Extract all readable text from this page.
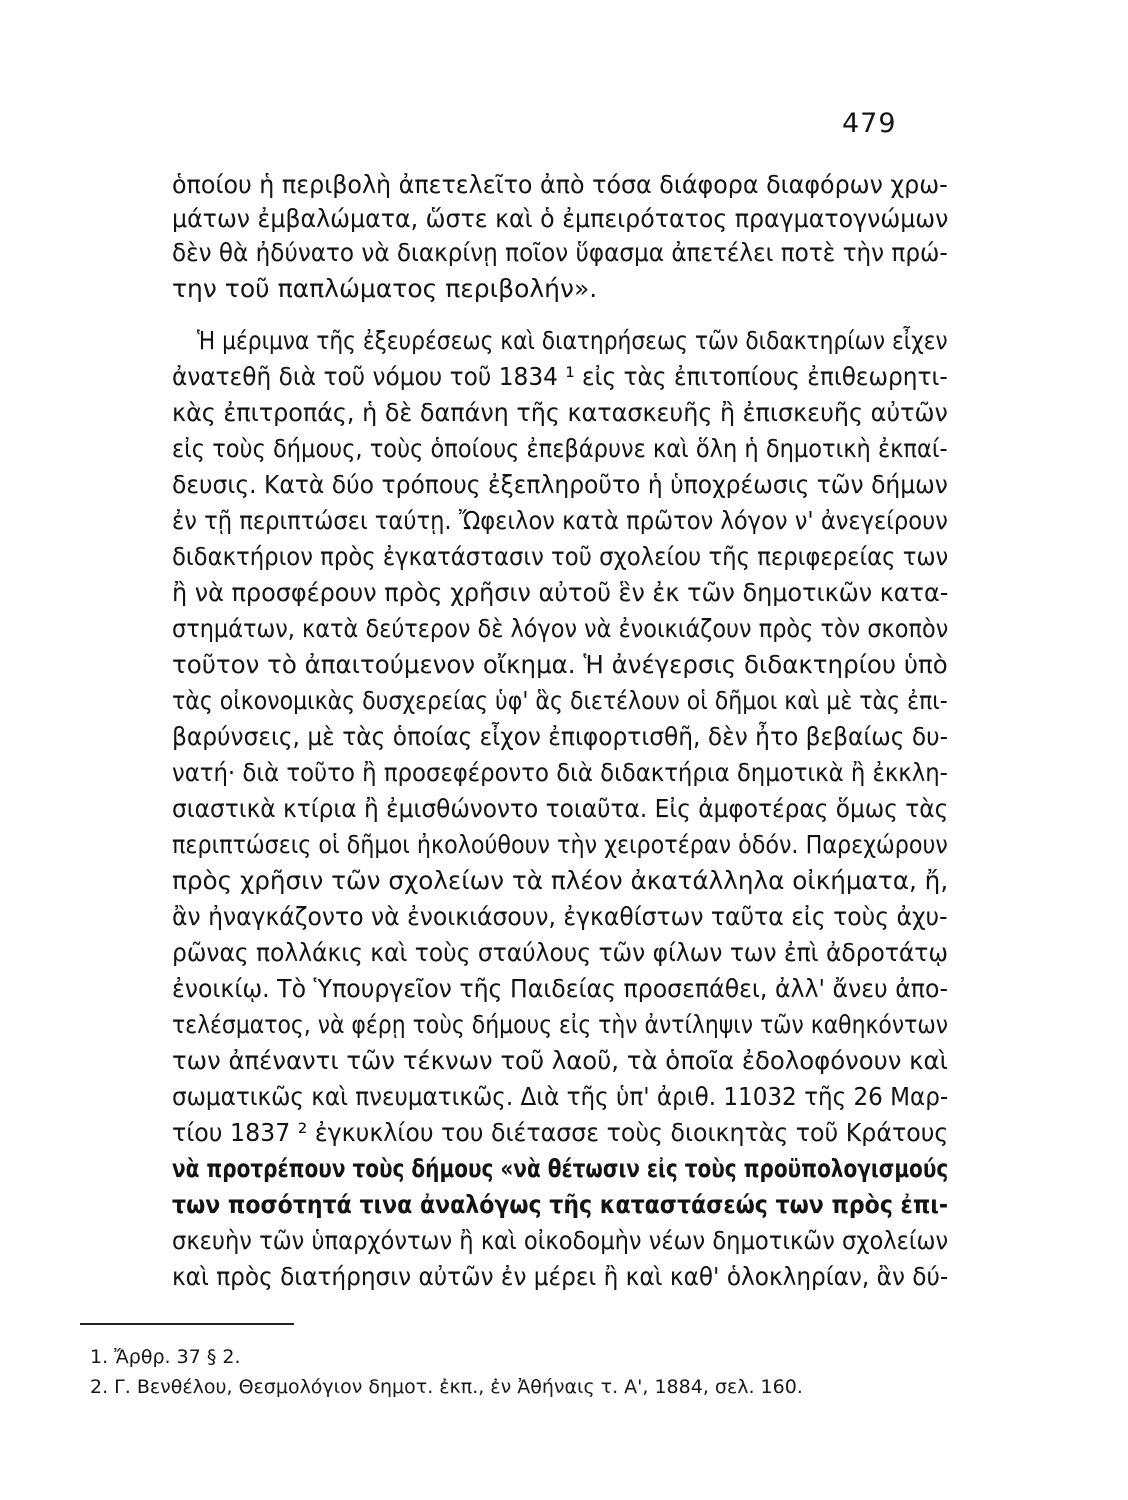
479
ὁποίου ἡ περιβολὴ ἀπετελεῖτο ἀπὸ τόσα διάφορα διαφόρων χρω-
μάτων ἐμβαλώματα, ὥστε καὶ ὁ ἐμπειρότατος πραγματογνώμων
δὲν θὰ ἠδύνατο νὰ διακρίνῃ ποῖον ὕφασμα ἀπετέλει ποτὲ τὴν πρώ-
την τοῦ παπλώματος περιβολήν».
Ἡ μέριμνα τῆς ἐξευρέσεως καὶ διατηρήσεως τῶν διδακτηρίων εἶχεν
ἀνατεθῆ διὰ τοῦ νόμου τοῦ 1834 ¹ εἰς τὰς ἐπιτοπίους ἐπιθεωρητι-
κὰς ἐπιτροπάς, ἡ δὲ δαπάνη τῆς κατασκευῆς ἢ ἐπισκευῆς αὐτῶν
εἰς τοὺς δήμους, τοὺς ὁποίους ἐπεβάρυνε καὶ ὅλη ἡ δημοτικὴ ἐκπαί-
δευσις. Κατὰ δύο τρόπους ἐξεπληροῦτο ἡ ὑποχρέωσις τῶν δήμων
ἐν τῇ περιπτώσει ταύτῃ. Ὤφειλον κατὰ πρῶτον λόγον ν' ἀνεγείρουν
διδακτήριον πρὸς ἐγκατάστασιν τοῦ σχολείου τῆς περιφερείας των
ἢ νὰ προσφέρουν πρὸς χρῆσιν αὐτοῦ ἓν ἐκ τῶν δημοτικῶν κατα-
στημάτων, κατὰ δεύτερον δὲ λόγον νὰ ἐνοικιάζουν πρὸς τὸν σκοπὸν
τοῦτον τὸ ἀπαιτούμενον οἴκημα. Ἡ ἀνέγερσις διδακτηρίου ὑπὸ
τὰς οἰκονομικὰς δυσχερείας ὑφ' ἃς διετέλουν οἱ δῆμοι καὶ μὲ τὰς ἐπι-
βαρύνσεις, μὲ τὰς ὁποίας εἶχον ἐπιφορτισθῆ, δὲν ἦτο βεβαίως δυ-
νατή· διὰ τοῦτο ἢ προσεφέροντο διὰ διδακτήρια δημοτικὰ ἢ ἐκκλη-
σιαστικὰ κτίρια ἢ ἐμισθώνοντο τοιαῦτα. Εἰς ἀμφοτέρας ὅμως τὰς
περιπτώσεις οἱ δῆμοι ἠκολούθουν τὴν χειροτέραν ὁδόν. Παρεχώρουν
πρὸς χρῆσιν τῶν σχολείων τὰ πλέον ἀκατάλληλα οἰκήματα, ἤ,
ἂν ἠναγκάζοντο νὰ ἐνοικιάσουν, ἐγκαθίστων ταῦτα εἰς τοὺς ἀχυ-
ρῶνας πολλάκις καὶ τοὺς σταύλους τῶν φίλων των ἐπὶ ἀδροτάτῳ
ἐνοικίῳ. Τὸ Ὑπουργεῖον τῆς Παιδείας προσεπάθει, ἀλλ' ἄνευ ἀπο-
τελέσματος, νὰ φέρῃ τοὺς δήμους εἰς τὴν ἀντίληψιν τῶν καθηκόντων
των ἀπέναντι τῶν τέκνων τοῦ λαοῦ, τὰ ὁποῖα ἐδολοφόνουν καὶ
σωματικῶς καὶ πνευματικῶς. Διὰ τῆς ὑπ' ἀριθ. 11032 τῆς 26 Μαρ-
τίου 1837 ² ἐγκυκλίου του διέτασσε τοὺς διοικητὰς τοῦ Κράτους
νὰ προτρέπουν τοὺς δήμους «νὰ θέτωσιν εἰς τοὺς προϋπολογισμούς
των ποσότητά τινα ἀναλόγως τῆς καταστάσεώς των πρὸς ἐπι-
σκευὴν τῶν ὑπαρχόντων ἢ καὶ οἰκοδομὴν νέων δημοτικῶν σχολείων
καὶ πρὸς διατήρησιν αὐτῶν ἐν μέρει ἢ καὶ καθ' ὁλοκληρίαν, ἂν δύ-
1. Ἄρθρ. 37 § 2.
2. Γ. Βενθέλου, Θεσμολόγιον δημοτ. ἐκπ., ἐν Ἀθήναις τ. Α', 1884, σελ. 160.
